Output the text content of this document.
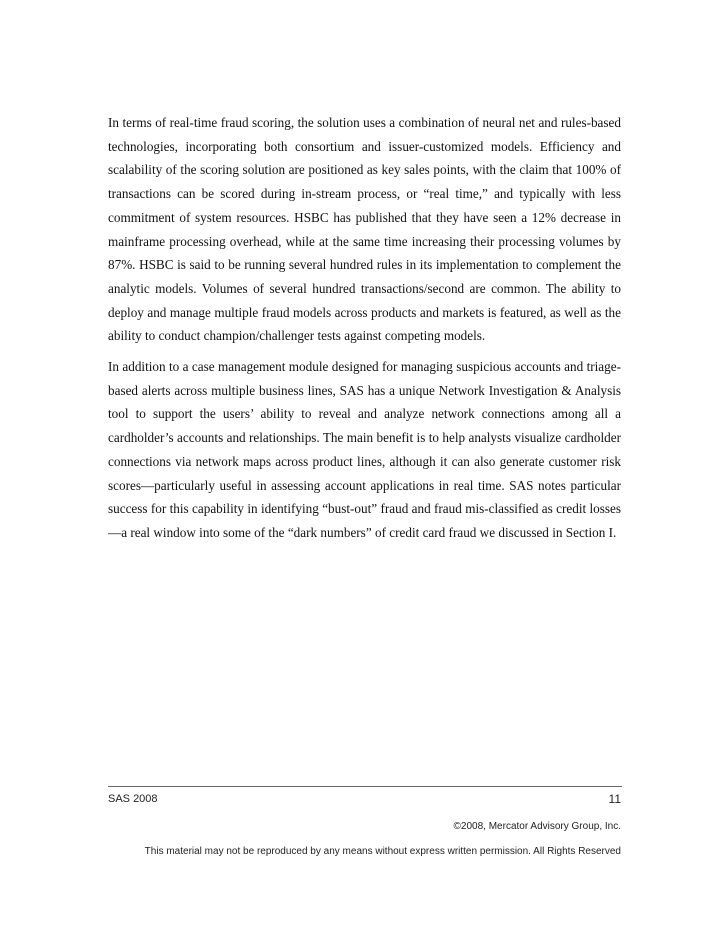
In terms of real-time fraud scoring, the solution uses a combination of neural net and rules-based technologies, incorporating both consortium and issuer-customized models. Efficiency and scalability of the scoring solution are positioned as key sales points, with the claim that 100% of transactions can be scored during in-stream process, or “real time,” and typically with less commitment of system resources. HSBC has published that they have seen a 12% decrease in mainframe processing overhead, while at the same time increasing their processing volumes by 87%. HSBC is said to be running several hundred rules in its implementation to complement the analytic models. Volumes of several hundred transactions/second are common. The ability to deploy and manage multiple fraud models across products and markets is featured, as well as the ability to conduct champion/challenger tests against competing models.

In addition to a case management module designed for managing suspicious accounts and triage-based alerts across multiple business lines, SAS has a unique Network Investigation & Analysis tool to support the users’ ability to reveal and analyze network connections among all a cardholder’s accounts and relationships. The main benefit is to help analysts visualize cardholder connections via network maps across product lines, although it can also generate customer risk scores—particularly useful in assessing account applications in real time. SAS notes particular success for this capability in identifying “bust-out” fraud and fraud mis-classified as credit losses—a real window into some of the “dark numbers” of credit card fraud we discussed in Section I.

SAS 2008	11
©2008, Mercator Advisory Group, Inc.
This material may not be reproduced by any means without express written permission. All Rights Reserved
